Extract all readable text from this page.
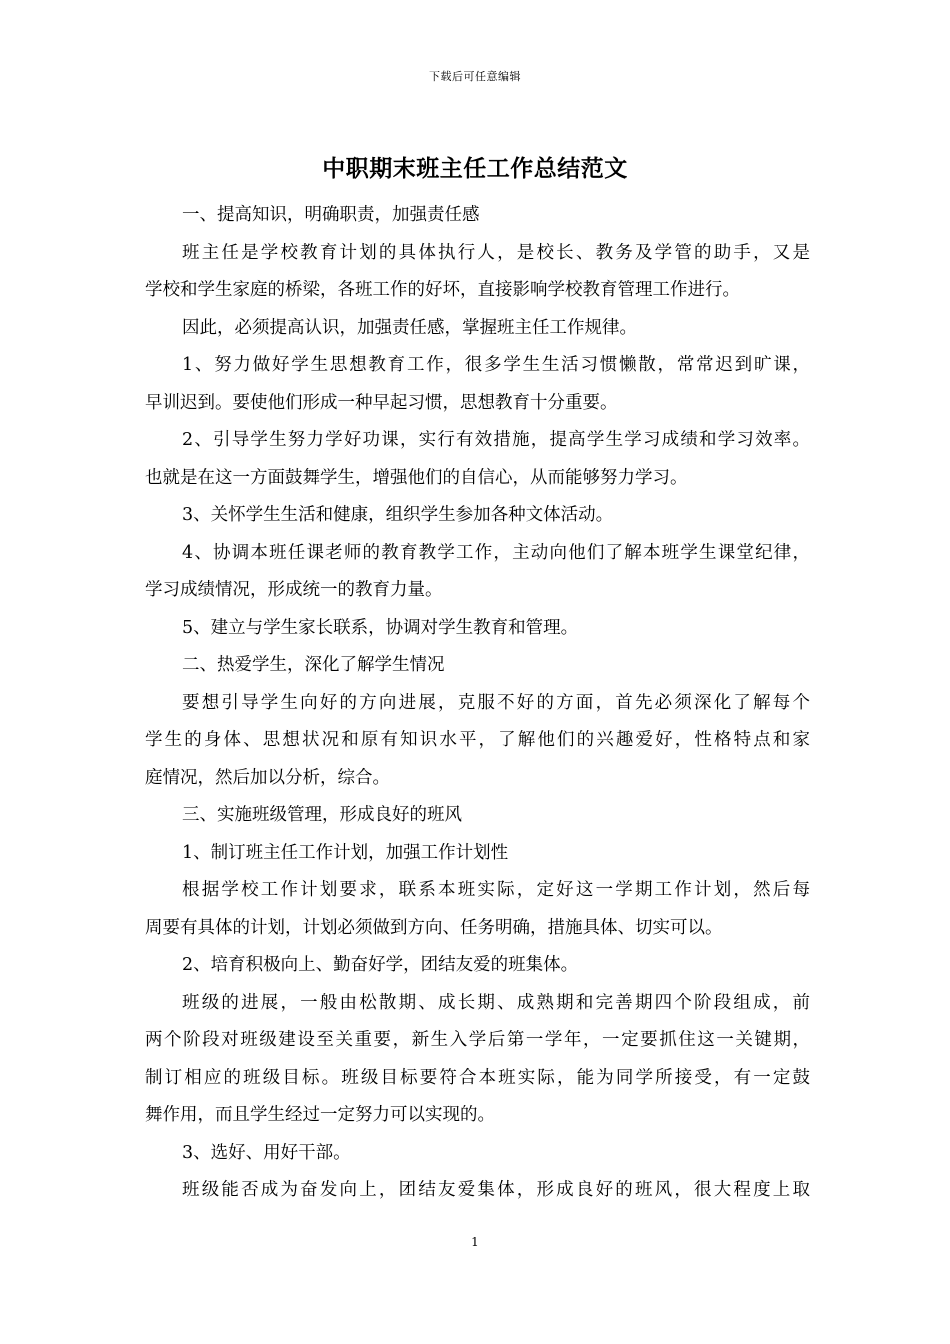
下载后可任意编辑
中职期末班主任工作总结范文
一、提高知识，明确职责，加强责任感
班主任是学校教育计划的具体执行人，是校长、教务及学管的助手，又是
学校和学生家庭的桥梁，各班工作的好坏，直接影响学校教育管理工作进行。
因此，必须提高认识，加强责任感，掌握班主任工作规律。
1、努力做好学生思想教育工作，很多学生生活习惯懒散，常常迟到旷课，
早训迟到。要使他们形成一种早起习惯，思想教育十分重要。
2、引导学生努力学好功课，实行有效措施，提高学生学习成绩和学习效率。
也就是在这一方面鼓舞学生，增强他们的自信心，从而能够努力学习。
3、关怀学生生活和健康，组织学生参加各种文体活动。
4、协调本班任课老师的教育教学工作，主动向他们了解本班学生课堂纪律，
学习成绩情况，形成统一的教育力量。
5、建立与学生家长联系，协调对学生教育和管理。
二、热爱学生，深化了解学生情况
要想引导学生向好的方向进展，克服不好的方面，首先必须深化了解每个
学生的身体、思想状况和原有知识水平，了解他们的兴趣爱好，性格特点和家
庭情况，然后加以分析，综合。
三、实施班级管理，形成良好的班风
1、制订班主任工作计划，加强工作计划性
根据学校工作计划要求，联系本班实际，定好这一学期工作计划，然后每
周要有具体的计划，计划必须做到方向、任务明确，措施具体、切实可以。
2、培育积极向上、勤奋好学，团结友爱的班集体。
班级的进展，一般由松散期、成长期、成熟期和完善期四个阶段组成，前
两个阶段对班级建设至关重要，新生入学后第一学年，一定要抓住这一关键期，
制订相应的班级目标。班级目标要符合本班实际，能为同学所接受，有一定鼓
舞作用，而且学生经过一定努力可以实现的。
3、选好、用好干部。
班级能否成为奋发向上，团结友爱集体，形成良好的班风，很大程度上取
1
